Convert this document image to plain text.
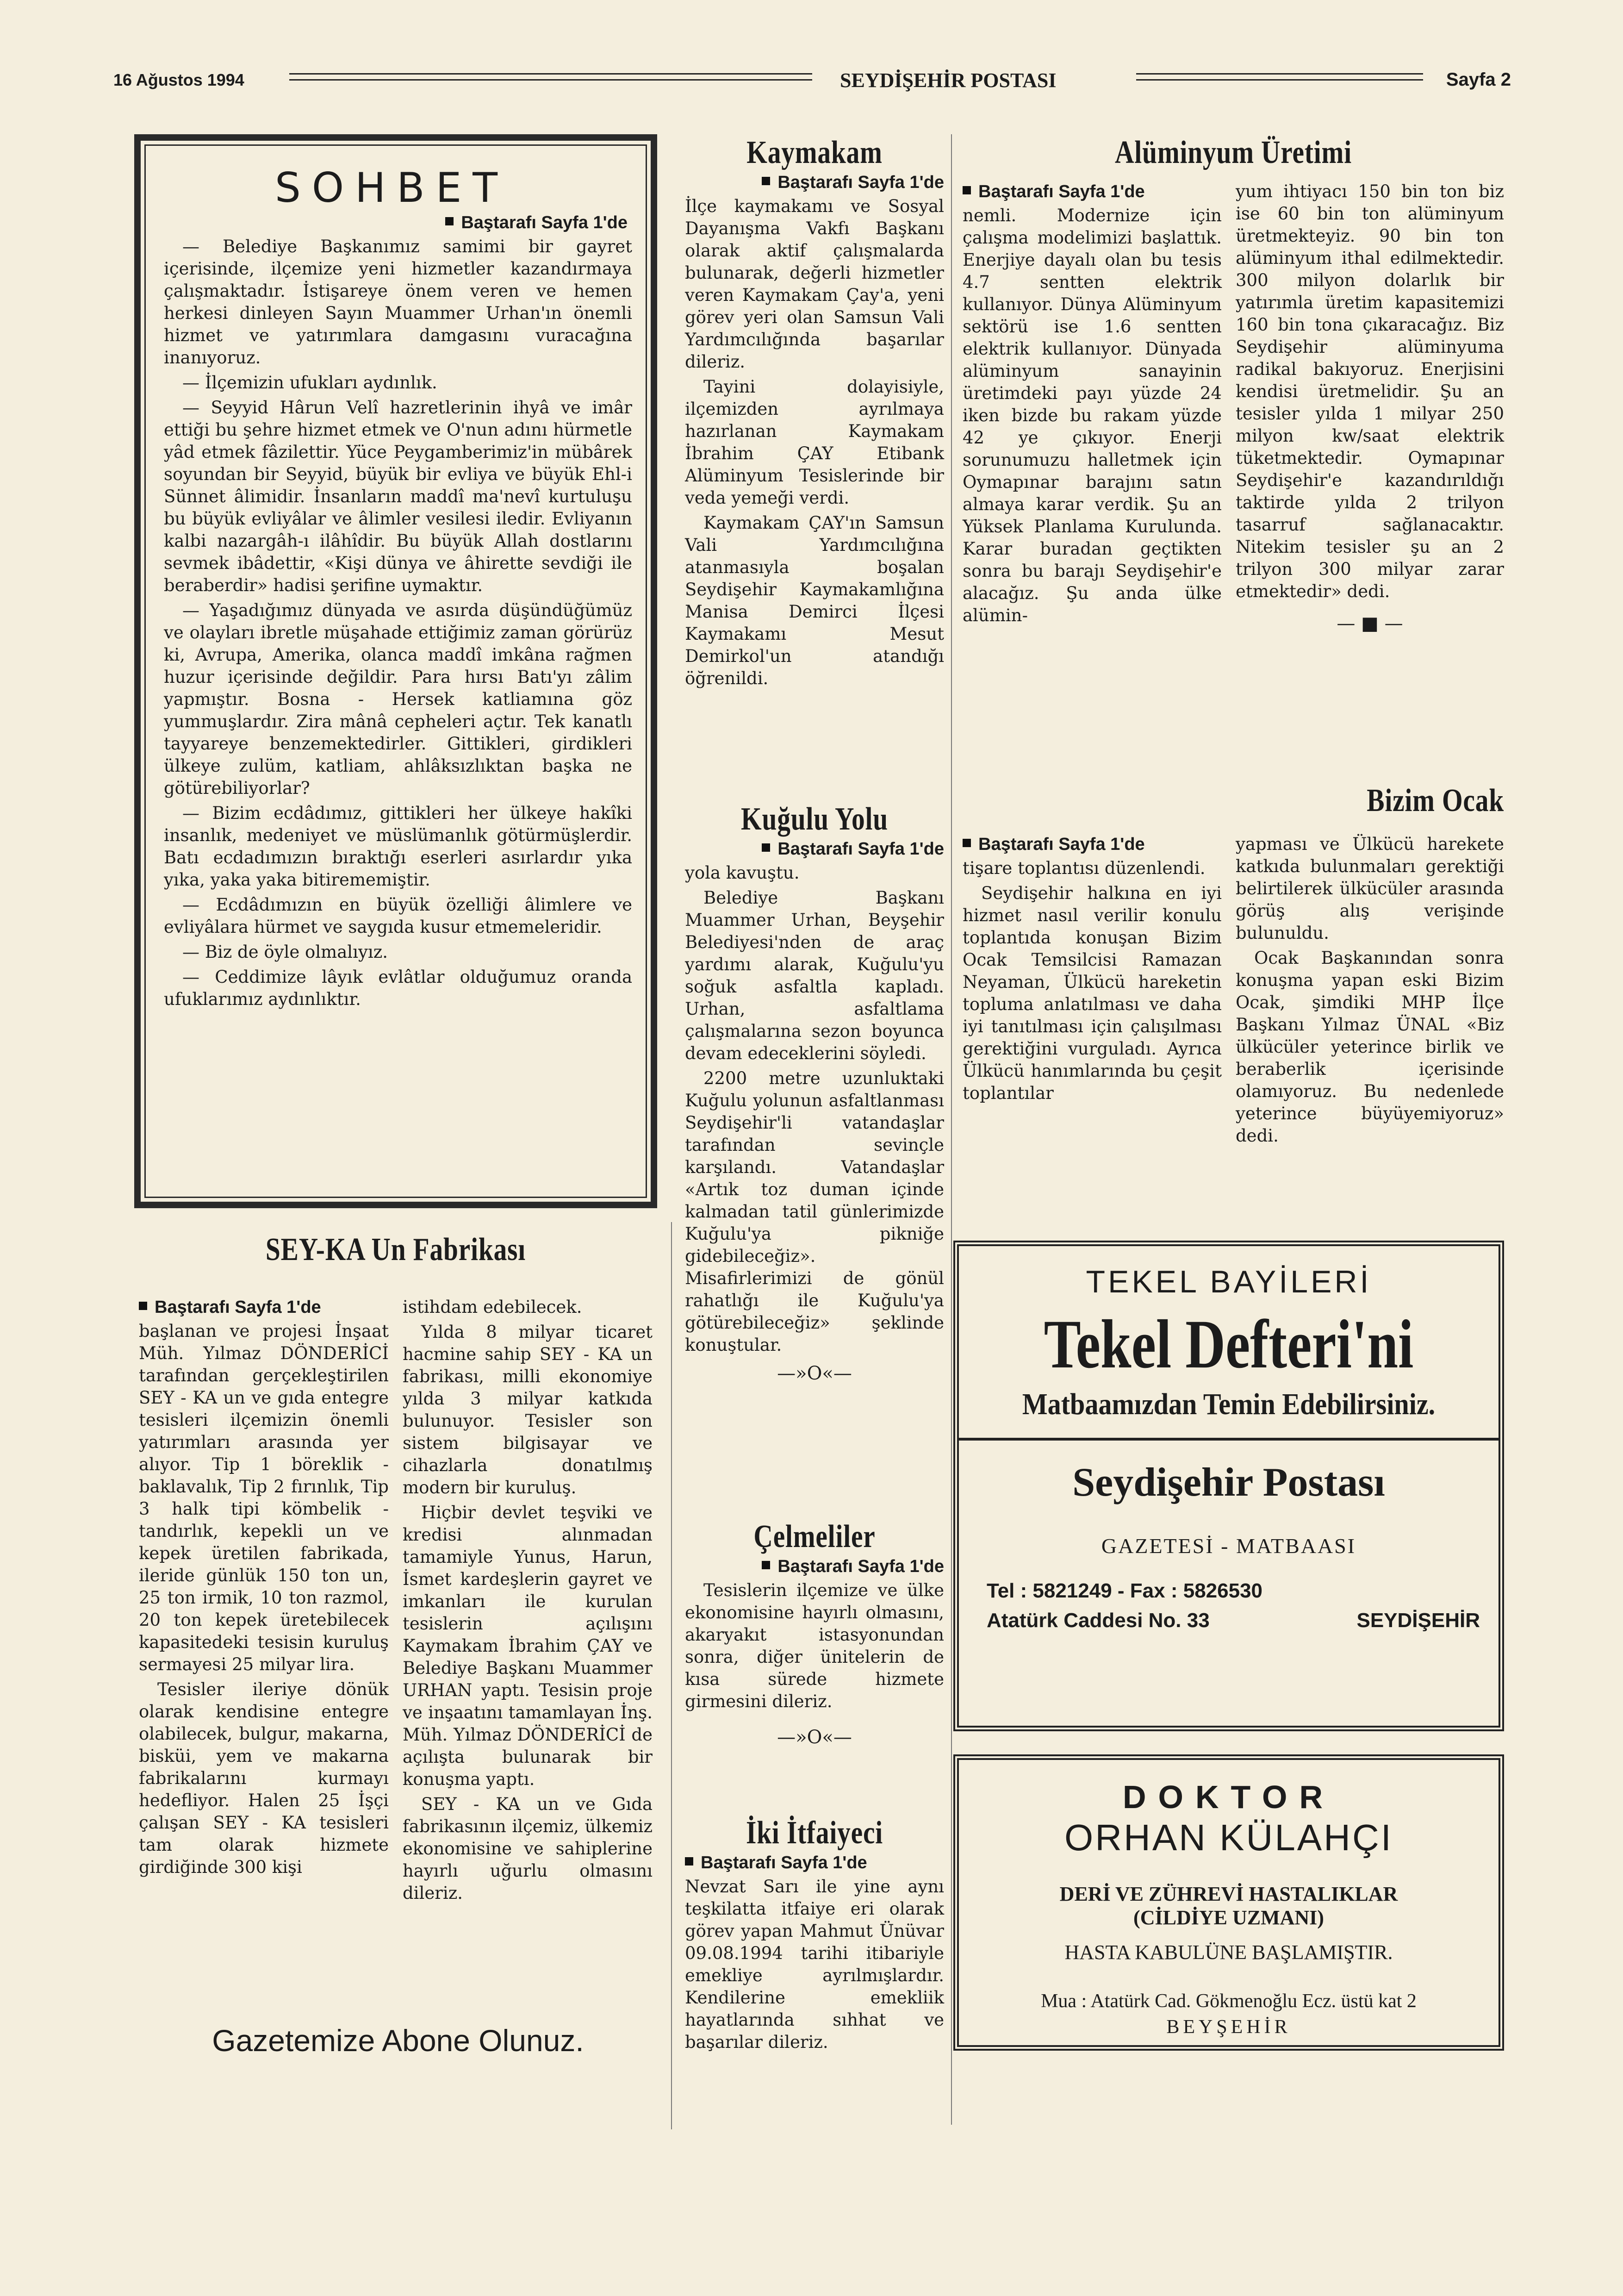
16 Ağustos 1994	SEYDİŞEHİR POSTASI	Sayfa 2
SOHBET
Baştarafı Sayfa 1'de

— Belediye Başkanımız samimi bir gayret içerisinde, ilçemize yeni hizmetler kazandırmaya çalışmaktadır. İstişareye önem veren ve hemen herkesi dinleyen Sayın Muammer Urhan'ın önemli hizmet ve yatırımlara damgasını vuracağına inanıyoruz.

— İlçemizin ufukları aydınlık.

— Seyyid Hârun Velî hazretlerinin ihyâ ve imâr ettiği bu şehre hizmet etmek ve O'nun adını hürmetle yâd etmek fâzilettir. Yüce Peygamberimiz'in mübârek soyundan bir Seyyid, büyük bir evliya ve büyük Ehl-i Sünnet âlimidir. İnsanların maddî ma'nevî kurtuluşu bu büyük evliyâlar ve âlimler vesilesi iledir. Evliyanın kalbi nazargâh-ı ilâhîdir. Bu büyük Allah dostlarını sevmek ibâdettir, «Kişi dünya ve âhirette sevdiği ile beraberdir» hadisi şerifine uymaktır.

— Yaşadığımız dünyada ve asırda düşündüğümüz ve olayları ibretle müşahade ettiğimiz zaman görürüz ki, Avrupa, Amerika, olanca maddî imkâna rağmen huzur içerisinde değildir. Para hırsı Batı'yı zâlim yapmıştır. Bosna - Hersek katliamına göz yummuşlardır. Zira mânâ cepheleri açtır. Tek kanatlı tayyareye benzemektedirler. Gittikleri, girdikleri ülkeye zulüm, katliam, ahlâksızlıktan başka ne götürebiliyorlar?

— Bizim ecdâdımız, gittikleri her ülkeye hakîki insanlık, medeniyet ve müslümanlık götürmüşlerdir. Batı ecdadımızın bıraktığı eserleri asırlardır yıka yıka, yaka yaka bitirememiştir.

— Ecdâdımızın en büyük özelliği âlimlere ve evliyâlara hürmet ve saygıda kusur etmemeleridir.

— Biz de öyle olmalıyız.

— Ceddimize lâyık evlâtlar olduğumuz oranda ufuklarımız aydınlıktır.

SEY-KA Un Fabrikası
Baştarafı Sayfa 1'de

başlanan ve projesi İnşaat Müh. Yılmaz DÖNDERİCİ tarafından gerçekleştirilen SEY - KA un ve gıda entegre tesisleri ilçemizin önemli yatırımları arasında yer alıyor. Tip 1 böreklik - baklavalık, Tip 2 fırınlık, Tip 3 halk tipi kömbelik - tandırlık, kepekli un ve kepek üretilen fabrikada, ileride günlük 150 ton un, 25 ton irmik, 10 ton razmol, 20 ton kepek üretebilecek kapasitedeki tesisin kuruluş sermayesi 25 milyar lira.

Tesisler ileriye dönük olarak kendisine entegre olabilecek, bulgur, makarna, bisküi, yem ve makarna fabrikalarını kurmayı hedefliyor. Halen 25 İşçi çalışan SEY - KA tesisleri tam olarak hizmete girdiğinde 300 kişi

istihdam edebilecek.

Yılda 8 milyar ticaret hacmine sahip SEY - KA un fabrikası, milli ekonomiye yılda 3 milyar katkıda bulunuyor. Tesisler son sistem bilgisayar ve cihazlarla donatılmış modern bir kuruluş.

Hiçbir devlet teşviki ve kredisi alınmadan tamamiyle Yunus, Harun, İsmet kardeşlerin gayret ve imkanları ile kurulan tesislerin açılışını Kaymakam İbrahim ÇAY ve Belediye Başkanı Muammer URHAN yaptı. Tesisin proje ve inşaatını tamamlayan İnş. Müh. Yılmaz DÖNDERİCİ de açılışta bulunarak bir konuşma yaptı.

SEY - KA un ve Gıda fabrikasının ilçemiz, ülkemiz ekonomisine ve sahiplerine hayırlı uğurlu olmasını dileriz.

Gazetemize Abone Olunuz.
Kaymakam
Baştarafı Sayfa 1'de

İlçe kaymakamı ve Sosyal Dayanışma Vakfı Başkanı olarak aktif çalışmalarda bulunarak, değerli hizmetler veren Kaymakam Çay'a, yeni görev yeri olan Samsun Vali Yardımcılığında başarılar dileriz.

Tayini dolayisiyle, ilçemizden ayrılmaya hazırlanan Kaymakam İbrahim ÇAY Etibank Alüminyum Tesislerinde bir veda yemeği verdi.

Kaymakam ÇAY'ın Samsun Vali Yardımcılığına atanmasıyla boşalan Seydişehir Kaymakamlığına Manisa Demirci İlçesi Kaymakamı Mesut Demirkol'un atandığı öğrenildi.

Kuğulu Yolu
Baştarafı Sayfa 1'de

yola kavuştu.

Belediye Başkanı Muammer Urhan, Beyşehir Belediyesi'nden de araç yardımı alarak, Kuğulu'yu soğuk asfaltla kapladı. Urhan, asfaltlama çalışmalarına sezon boyunca devam edeceklerini söyledi.

2200 metre uzunluktaki Kuğulu yolunun asfaltlanması Seydişehir'li vatandaşlar tarafından sevinçle karşılandı. Vatandaşlar «Artık toz duman içinde kalmadan tatil günlerimizde Kuğulu'ya pikniğe gidebileceğiz». Misafirlerimizi de gönül rahatlığı ile Kuğulu'ya götürebileceğiz» şeklinde konuştular.

—»O«—
Çelmeliler
Baştarafı Sayfa 1'de

Tesislerin ilçemize ve ülke ekonomisine hayırlı olmasını, akaryakıt istasyonundan sonra, diğer ünitelerin de kısa sürede hizmete girmesini dileriz.

—»O«—
İki İtfaiyeci
Baştarafı Sayfa 1'de

Nevzat Sarı ile yine aynı teşkilatta itfaiye eri olarak görev yapan Mahmut Ünüvar 09.08.1994 tarihi itibariyle emekliye ayrılmışlardır. Kendilerine emekliik hayatlarında sıhhat ve başarılar dileriz.

Alüminyum Üretimi
Baştarafı Sayfa 1'de

nemli. Modernize için çalışma modelimizi başlattık. Enerjiye dayalı olan bu tesis 4.7 sentten elektrik kullanıyor. Dünya Alüminyum sektörü ise 1.6 sentten elektrik kullanıyor. Dünyada alüminyum sanayinin üretimdeki payı yüzde 24 iken bizde bu rakam yüzde 42 ye çıkıyor. Enerji sorunumuzu halletmek için Oymapınar barajını satın almaya karar verdik. Şu an Yüksek Planlama Kurulunda. Karar buradan geçtikten sonra bu barajı Seydişehir'e alacağız. Şu anda ülke alümin-

yum ihtiyacı 150 bin ton biz ise 60 bin ton alüminyum üretmekteyiz. 90 bin ton alüminyum ithal edilmektedir. 300 milyon dolarlık bir yatırımla üretim kapasitemizi 160 bin tona çıkaracağız. Biz Seydişehir alüminyuma radikal bakıyoruz. Enerjisini kendisi üretmelidir. Şu an tesisler yılda 1 milyar 250 milyon kw/saat elektrik tüketmektedir. Oymapınar Seydişehir'e kazandırıldığı taktirde yılda 2 trilyon tasarruf sağlanacaktır. Nitekim tesisler şu an 2 trilyon 300 milyar zarar etmektedir» dedi.

— ■ —
Bizim Ocak
Baştarafı Sayfa 1'de

tişare toplantısı düzenlendi.

Seydişehir halkına en iyi hizmet nasıl verilir konulu toplantıda konuşan Bizim Ocak Temsilcisi Ramazan Neyaman, Ülkücü hareketin topluma anlatılması ve daha iyi tanıtılması için çalışılması gerektiğini vurguladı. Ayrıca Ülkücü hanımlarında bu çeşit toplantılar

yapması ve Ülkücü harekete katkıda bulunmaları gerektiği belirtilerek ülkücüler arasında görüş alış verişinde bulunuldu.

Ocak Başkanından sonra konuşma yapan eski Bizim Ocak, şimdiki MHP İlçe Başkanı Yılmaz ÜNAL «Biz ülkücüler yeterince birlik ve beraberlik içerisinde olamıyoruz. Bu nedenlede yeterince büyüyemiyoruz» dedi.

TEKEL BAYİLERİ
Tekel Defteri'ni
Matbaamızdan Temin Edebilirsiniz.
Seydişehir Postası
GAZETESİ - MATBAASI
Tel : 5821249 - Fax : 5826530
Atatürk Caddesi No. 33	SEYDİŞEHİR
DOKTOR
ORHAN KÜLAHÇI
DERİ VE ZÜHREVİ HASTALIKLAR
(CİLDİYE UZMANI)
HASTA KABULÜNE BAŞLAMIŞTIR.
Mua : Atatürk Cad. Gökmenoğlu Ecz. üstü kat 2
BEYŞEHİR
